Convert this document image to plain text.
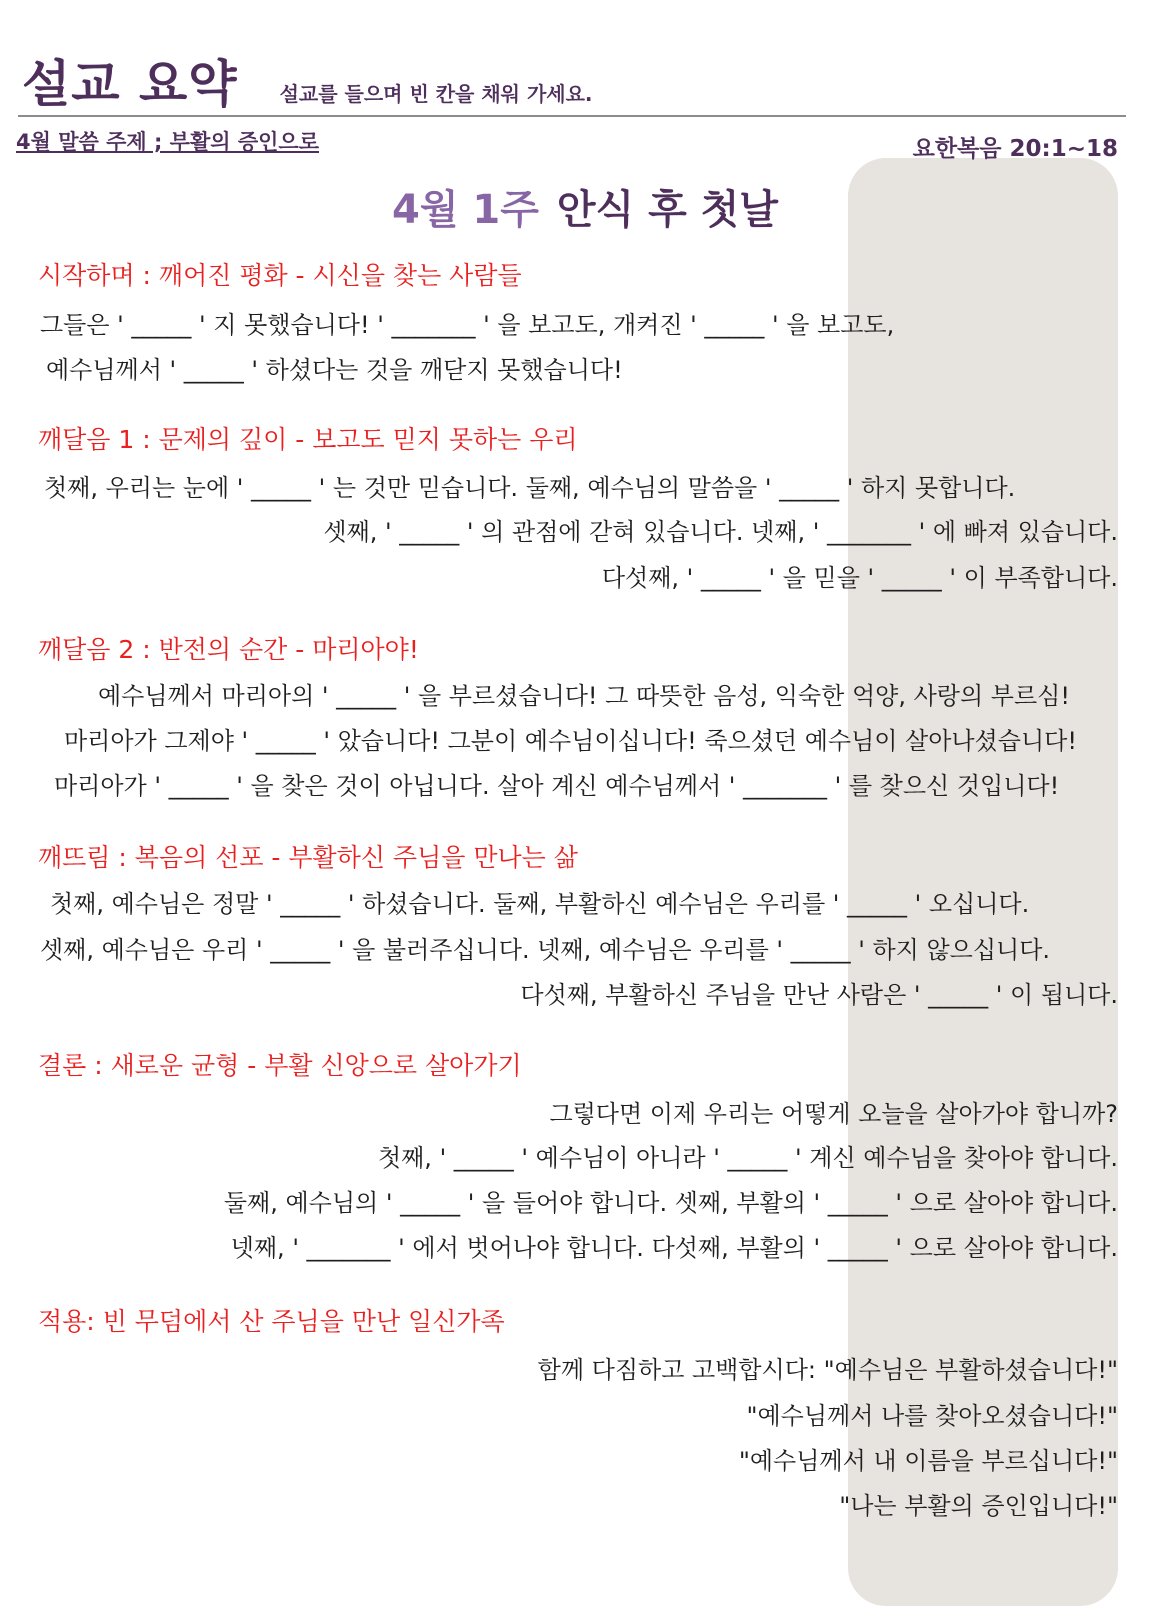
설교 요약 설교를 들으며 빈 칸을 채워 가세요.
4월 말씀 주제 ; 부활의 증인으로	요한복음 20:1~18
4월 1주 안식 후 첫날
시작하며 : 깨어진 평화 - 시신을 찾는 사람들
그들은 ' _____ ' 지 못했습니다! ' _______ ' 을 보고도, 개켜진 ' _____ ' 을 보고도,
예수님께서 ' _____ ' 하셨다는 것을 깨닫지 못했습니다!
깨달음 1 : 문제의 깊이 - 보고도 믿지 못하는 우리
첫째, 우리는 눈에 ' _____ ' 는 것만 믿습니다. 둘째, 예수님의 말씀을 ' _____ ' 하지 못합니다.
셋째, ' _____ ' 의 관점에 갇혀 있습니다. 넷째, ' _______ ' 에 빠져 있습니다.
다섯째, ' _____ ' 을 믿을 ' _____ ' 이 부족합니다.
깨달음 2 : 반전의 순간 - 마리아야!
예수님께서 마리아의 ' _____ ' 을 부르셨습니다! 그 따뜻한 음성, 익숙한 억양, 사랑의 부르심!
마리아가 그제야 ' _____ ' 았습니다! 그분이 예수님이십니다! 죽으셨던 예수님이 살아나셨습니다!
마리아가 ' _____ ' 을 찾은 것이 아닙니다. 살아 계신 예수님께서 ' _______ ' 를 찾으신 것입니다!
깨뜨림 : 복음의 선포 - 부활하신 주님을 만나는 삶
첫째, 예수님은 정말 ' _____ ' 하셨습니다. 둘째, 부활하신 예수님은 우리를 ' _____ ' 오십니다.
셋째, 예수님은 우리 ' _____ ' 을 불러주십니다. 넷째, 예수님은 우리를 ' _____ ' 하지 않으십니다.
다섯째, 부활하신 주님을 만난 사람은 ' _____ ' 이 됩니다.
결론 : 새로운 균형 - 부활 신앙으로 살아가기
그렇다면 이제 우리는 어떻게 오늘을 살아가야 합니까?
첫째, ' _____ ' 예수님이 아니라 ' _____ ' 계신 예수님을 찾아야 합니다.
둘째, 예수님의 ' _____ ' 을 들어야 합니다. 셋째, 부활의 ' _____ ' 으로 살아야 합니다.
넷째, ' _______ ' 에서 벗어나야 합니다. 다섯째, 부활의 ' _____ ' 으로 살아야 합니다.
적용: 빈 무덤에서 산 주님을 만난 일신가족
함께 다짐하고 고백합시다: "예수님은 부활하셨습니다!"
"예수님께서 나를 찾아오셨습니다!"
"예수님께서 내 이름을 부르십니다!"
"나는 부활의 증인입니다!"
